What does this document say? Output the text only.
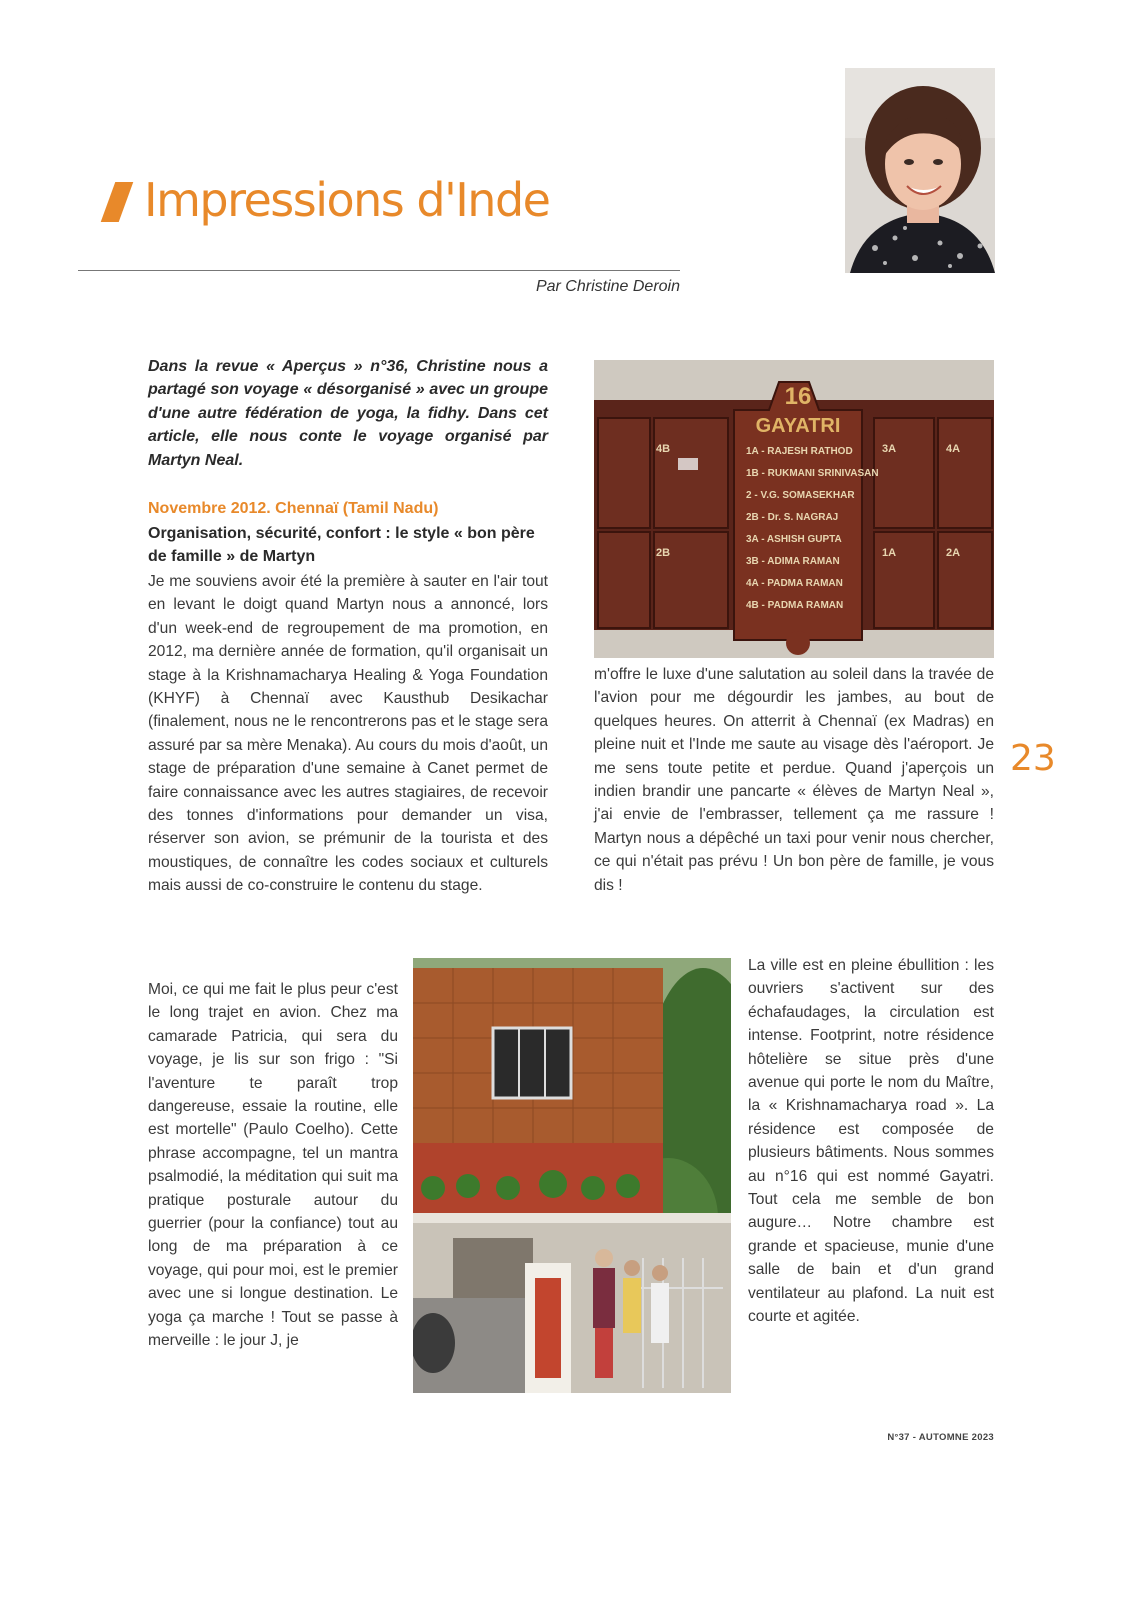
Impressions d'Inde
Par Christine Deroin

Dans la revue « Aperçus » n°36, Christine nous a partagé son voyage « désorganisé » avec un groupe d'une autre fédération de yoga, la fidhy. Dans cet article, elle nous conte le voyage organisé par Martyn Neal.

Novembre 2012. Chennaï (Tamil Nadu)
Organisation, sécurité, confort : le style « bon père de famille » de Martyn

Je me souviens avoir été la première à sauter en l'air tout en levant le doigt quand Martyn nous a annoncé, lors d'un week-end de regroupement de ma promotion, en 2012, ma dernière année de formation, qu'il organisait un stage à la Krishnamacharya Healing & Yoga Foundation (KHYF) à Chennaï avec Kausthub Desikachar (finalement, nous ne le rencontrerons pas et le stage sera assuré par sa mère Menaka). Au cours du mois d'août, un stage de préparation d'une semaine à Canet permet de faire connaissance avec les autres stagiaires, de recevoir des tonnes d'informations pour demander un visa, réserver son avion, se prémunir de la tourista et des moustiques, de connaître les codes sociaux et culturels mais aussi de co-construire le contenu du stage.

Moi, ce qui me fait le plus peur c'est le long trajet en avion. Chez ma camarade Patricia, qui sera du voyage, je lis sur son frigo : "Si l'aventure te paraît trop dangereuse, essaie la routine, elle est mortelle" (Paulo Coelho). Cette phrase accompagne, tel un mantra psalmodié, la méditation qui suit ma pratique posturale autour du guerrier (pour la confiance) tout au long de ma préparation à ce voyage, qui pour moi, est le premier avec une si longue destination. Le yoga ça marche ! Tout se passe à merveille : le jour J, je

m'offre le luxe d'une salutation au soleil dans la travée de l'avion pour me dégourdir les jambes, au bout de quelques heures. On atterrit à Chennaï (ex Madras) en pleine nuit et l'Inde me saute au visage dès l'aéroport. Je me sens toute petite et perdue. Quand j'aperçois un indien brandir une pancarte « élèves de Martyn Neal », j'ai envie de l'embrasser, tellement ça me rassure ! Martyn nous a dépêché un taxi pour venir nous chercher, ce qui n'était pas prévu ! Un bon père de famille, je vous dis !

La ville est en pleine ébullition : les ouvriers s'activent sur des échafaudages, la circulation est intense. Footprint, notre résidence hôtelière se situe près d'une avenue qui porte le nom du Maître, la « Krishnamacharya road ». La résidence est composée de plusieurs bâtiments. Nous sommes au n°16 qui est nommé Gayatri. Tout cela me semble de bon augure… Notre chambre est grande et spacieuse, munie d'une salle de bain et d'un grand ventilateur au plafond. La nuit est courte et agitée.

16
GAYATRI
1A - RAJESH RATHOD
1B - RUKMANI SRINIVASAN
2 - V.G. SOMASEKHAR
2B - Dr. S. NAGRAJ
3A - ASHISH GUPTA
3B - ADIMA RAMAN
4A - PADMA RAMAN
4B - PADMA RAMAN
4B
2B
3A	4A
1A	2A
23
N°37 - AUTOMNE 2023
